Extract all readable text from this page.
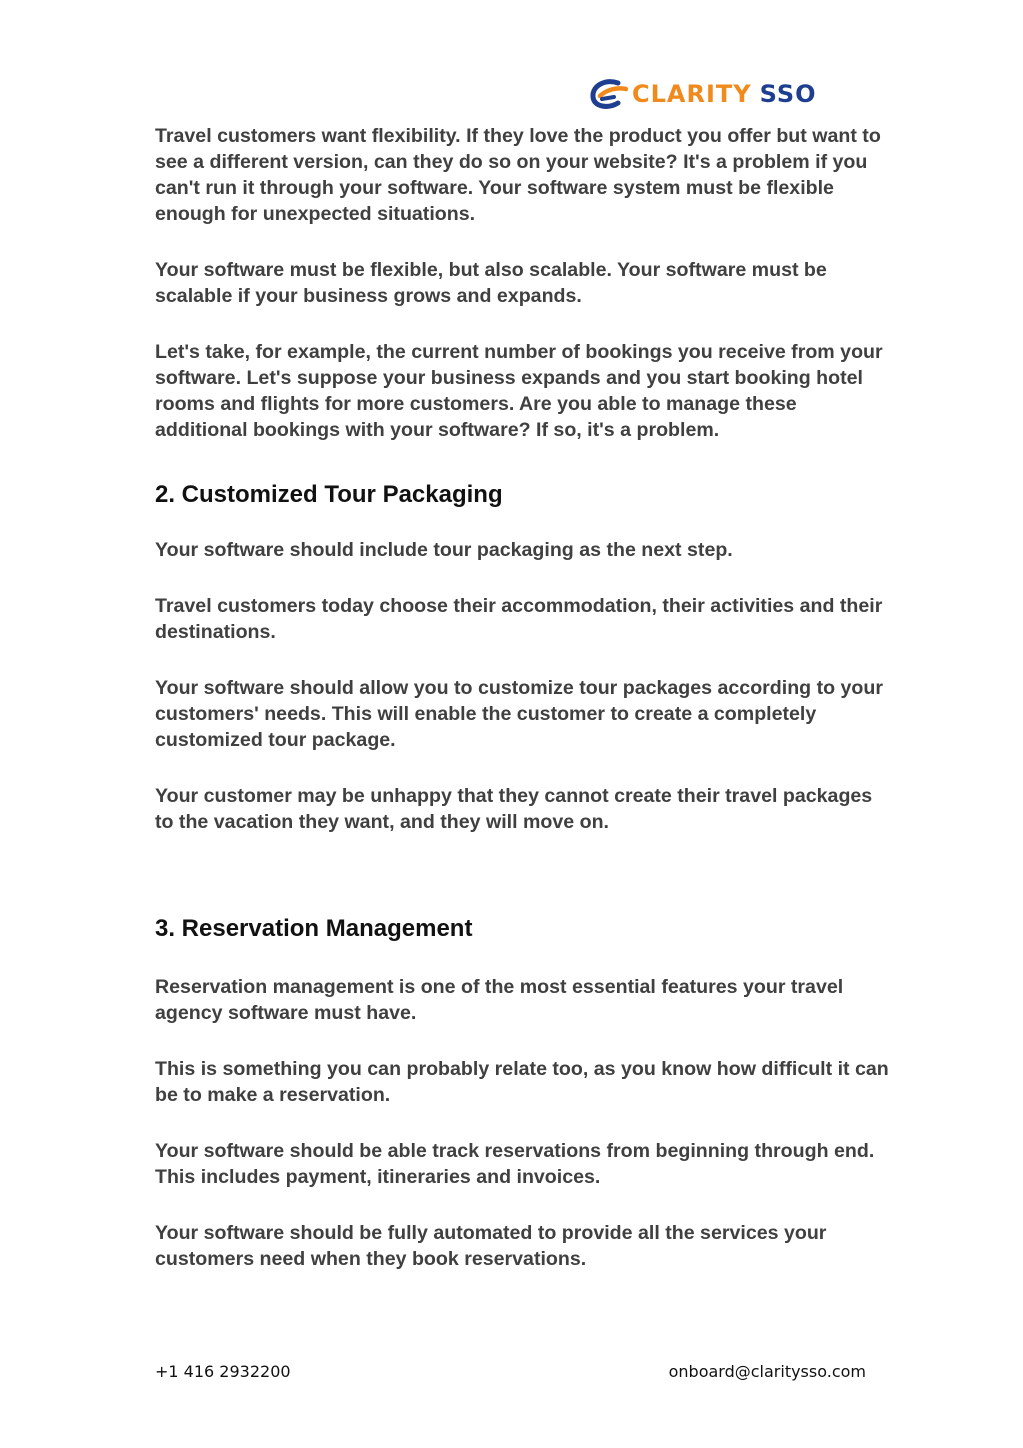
CLARITY SSO

Travel customers want flexibility. If they love the product you offer but want to see a different version, can they do so on your website? It's a problem if you can't run it through your software. Your software system must be flexible enough for unexpected situations.

Your software must be flexible, but also scalable. Your software must be scalable if your business grows and expands.

Let's take, for example, the current number of bookings you receive from your software. Let's suppose your business expands and you start booking hotel rooms and flights for more customers. Are you able to manage these additional bookings with your software? If so, it's a problem.

2. Customized Tour Packaging

Your software should include tour packaging as the next step.

Travel customers today choose their accommodation, their activities and their destinations.

Your software should allow you to customize tour packages according to your customers' needs. This will enable the customer to create a completely customized tour package.

Your customer may be unhappy that they cannot create their travel packages to the vacation they want, and they will move on.

3. Reservation Management

Reservation management is one of the most essential features your travel agency software must have.

This is something you can probably relate too, as you know how difficult it can be to make a reservation.

Your software should be able track reservations from beginning through end. This includes payment, itineraries and invoices.

Your software should be fully automated to provide all the services your customers need when they book reservations.

+1 416 2932200	onboard@claritysso.com
